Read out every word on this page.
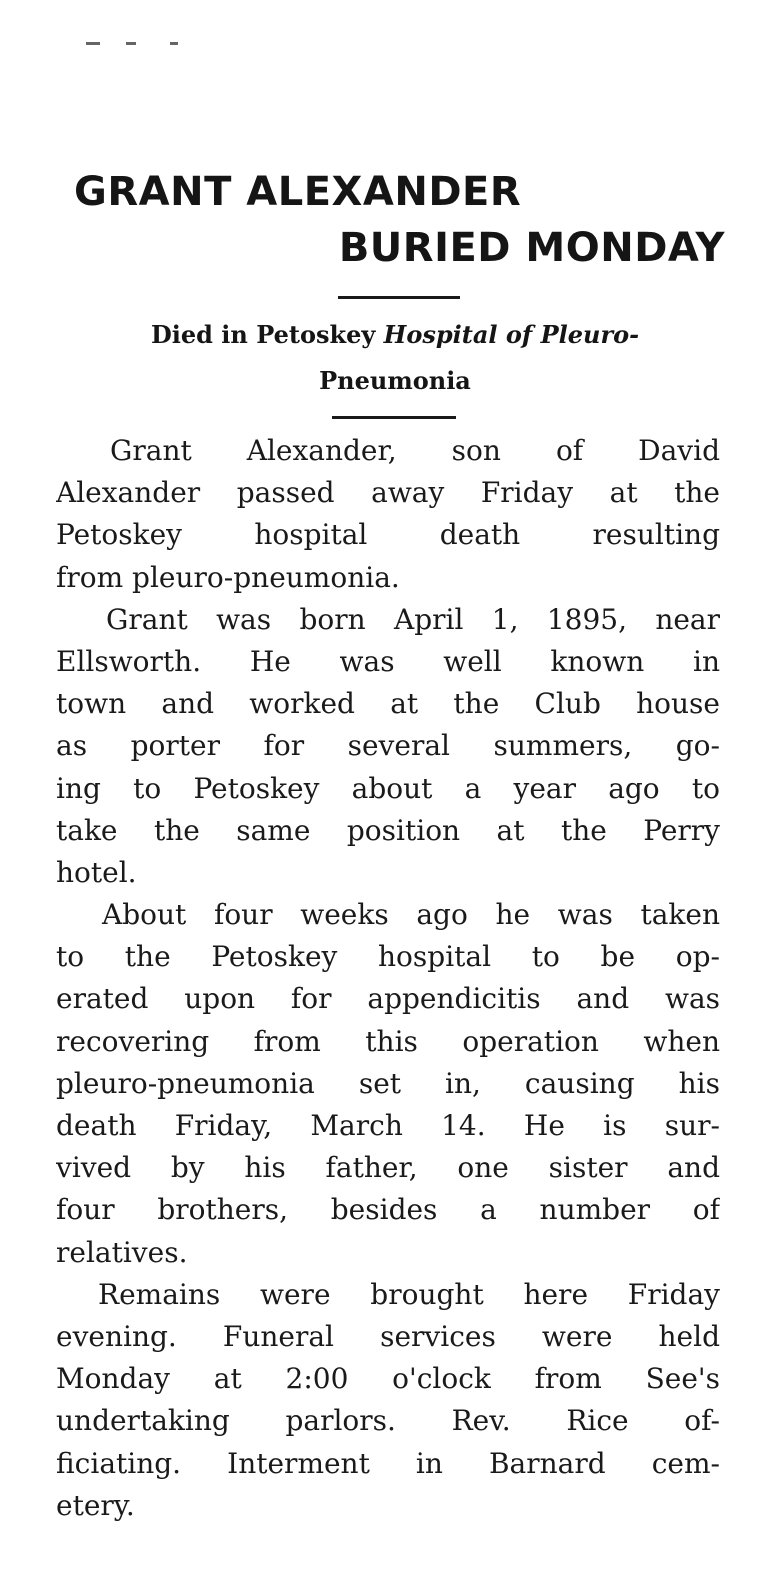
GRANT ALEXANDER
BURIED MONDAY
Died in Petoskey Hospital of Pleuro-
Pneumonia
Grant Alexander, son of David
Alexander passed away Friday at the
Petoskey hospital death resulting
from pleuro-pneumonia.
Grant was born April 1, 1895, near
Ellsworth. He was well known in
town and worked at the Club house
as porter for several summers, go-
ing to Petoskey about a year ago to
take the same position at the Perry
hotel.
About four weeks ago he was taken
to the Petoskey hospital to be op-
erated upon for appendicitis and was
recovering from this operation when
pleuro-pneumonia set in, causing his
death Friday, March 14. He is sur-
vived by his father, one sister and
four brothers, besides a number of
relatives.
Remains were brought here Friday
evening. Funeral services were held
Monday at 2:00 o'clock from See's
undertaking parlors. Rev. Rice of-
ficiating. Interment in Barnard cem-
etery.
